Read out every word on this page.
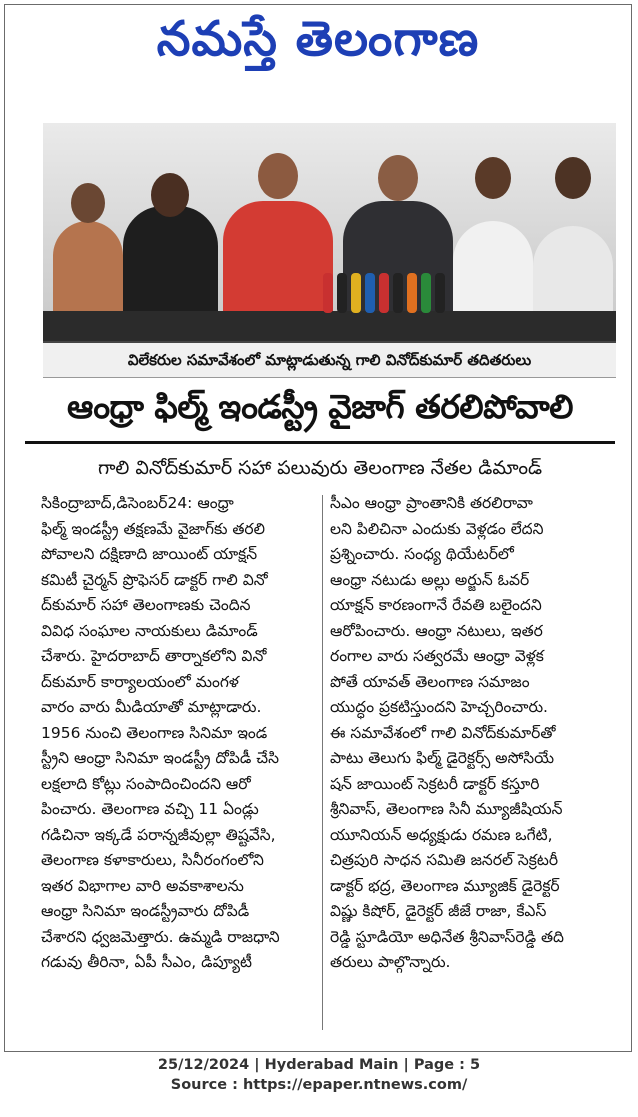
నమస్తే తెలంగాణ
విలేకరుల సమావేశంలో మాట్లాడుతున్న గాలి వినోద్‌కుమార్ తదితరులు
ఆంధ్రా ఫిల్మ్ ఇండస్ట్రీ వైజాగ్ తరలిపోవాలి
గాలి వినోద్‌కుమార్ సహా పలువురు తెలంగాణ నేతల డిమాండ్

సికింద్రాబాద్,డిసెంబర్24: ఆంధ్రా

ఫిల్మ్ ఇండస్ట్రీ తక్షణమే వైజాగ్‌కు తరలి

పోవాలని దక్షిణాది జాయింట్ యాక్షన్

కమిటీ చైర్మన్ ప్రొఫెసర్ డాక్టర్ గాలి వినో

ద్‌కుమార్ సహా తెలంగాణకు చెందిన

వివిధ సంఘాల నాయకులు డిమాండ్

చేశారు. హైదరాబాద్ తార్నాకలోని వినో

ద్‌కుమార్ కార్యాలయంలో మంగళ

వారం వారు మీడియాతో మాట్లాడారు.

1956 నుంచి తెలంగాణ సినిమా ఇండ

స్ట్రీని ఆంధ్రా సినిమా ఇండస్ట్రీ దోపిడీ చేసి

లక్షలాది కోట్లు సంపాదించిందని ఆరో

పించారు. తెలంగాణ వచ్చి 11 ఏండ్లు

గడిచినా ఇక్కడే పరాన్నజీవుల్లా తిష్టవేసి,

తెలంగాణ కళాకారులు, సినీరంగంలోని

ఇతర విభాగాల వారి అవకాశాలను

ఆంధ్రా సినిమా ఇండస్ట్రీవారు దోపిడీ

చేశారని ధ్వజమెత్తారు. ఉమ్మడి రాజధాని

గడువు తీరినా, ఏపీ సీఎం, డిప్యూటీ

సీఎం ఆంధ్రా ప్రాంతానికి తరలిరావా

లని పిలిచినా ఎందుకు వెళ్లడం లేదని

ప్రశ్నించారు. సంధ్య థియేటర్‌లో

ఆంధ్రా నటుడు అల్లు అర్జున్ ఓవర్

యాక్షన్ కారణంగానే రేవతి బలైందని

ఆరోపించారు. ఆంధ్రా నటులు, ఇతర

రంగాల వారు సత్వరమే ఆంధ్రా వెళ్లక

పోతే యావత్ తెలంగాణ సమాజం

యుద్ధం ప్రకటిస్తుందని హెచ్చరించారు.

ఈ సమావేశంలో గాలి వినోద్‌కుమార్‌తో

పాటు తెలుగు ఫిల్మ్ డైరెక్టర్స్ అసోసియే

షన్ జాయింట్ సెక్రటరీ డాక్టర్ కస్తూరి

శ్రీనివాస్, తెలంగాణ సినీ మ్యూజీషియన్

యూనియన్ అధ్యక్షుడు రమణ ఒగేటి,

చిత్రపురి సాధన సమితి జనరల్ సెక్రటరీ

డాక్టర్ భద్ర, తెలంగాణ మ్యూజిక్ డైరెక్టర్

విష్ణు కిషోర్, డైరెక్టర్ జీజే రాజా, కేఎస్

రెడ్డి స్టూడియో అధినేత శ్రీనివాస్‌రెడ్డి తది

తరులు పాల్గొన్నారు.

25/12/2024 | Hyderabad Main | Page : 5
Source : https://epaper.ntnews.com/
